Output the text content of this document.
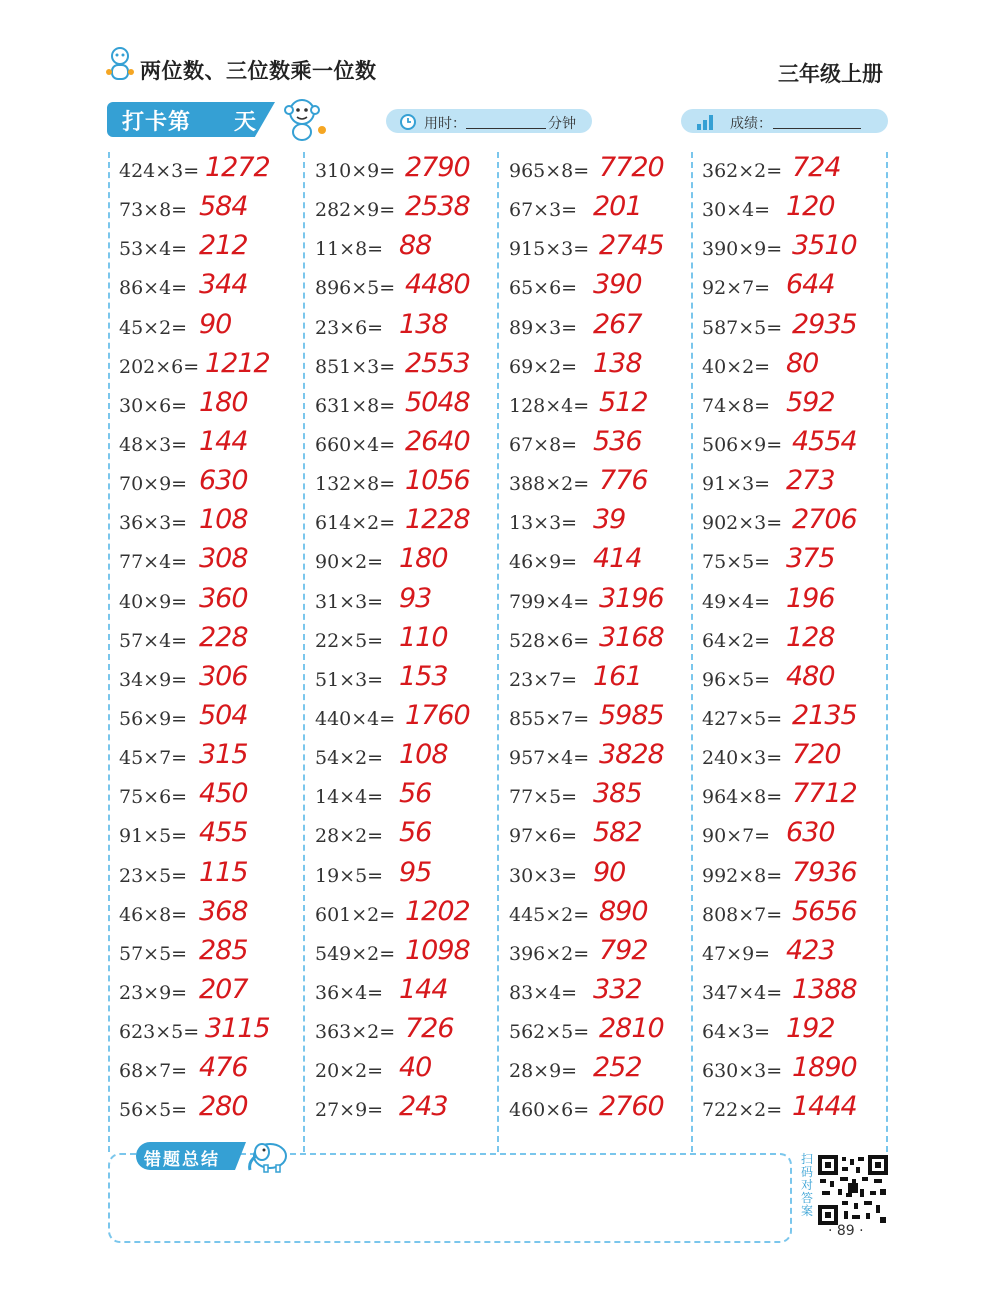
两位数、三位数乘一位数	三年级上册
打卡第 天	用时：	分钟	成绩：
424×3= 1272
73×8= 584
53×4= 212
86×4= 344
45×2= 90
202×6= 1212
30×6= 180
48×3= 144
70×9= 630
36×3= 108
77×4= 308
40×9= 360
57×4= 228
34×9= 306
56×9= 504
45×7= 315
75×6= 450
91×5= 455
23×5= 115
46×8= 368
57×5= 285
23×9= 207
623×5= 3115
68×7= 476
56×5= 280
310×9= 2790
282×9= 2538
11×8= 88
896×5= 4480
23×6= 138
851×3= 2553
631×8= 5048
660×4= 2640
132×8= 1056
614×2= 1228
90×2= 180
31×3= 93
22×5= 110
51×3= 153
440×4= 1760
54×2= 108
14×4= 56
28×2= 56
19×5= 95
601×2= 1202
549×2= 1098
36×4= 144
363×2= 726
20×2= 40
27×9= 243
965×8= 7720
67×3= 201
915×3= 2745
65×6= 390
89×3= 267
69×2= 138
128×4= 512
67×8= 536
388×2= 776
13×3= 39
46×9= 414
799×4= 3196
528×6= 3168
23×7= 161
855×7= 5985
957×4= 3828
77×5= 385
97×6= 582
30×3= 90
445×2= 890
396×2= 792
83×4= 332
562×5= 2810
28×9= 252
460×6= 2760
362×2= 724
30×4= 120
390×9= 3510
92×7= 644
587×5= 2935
40×2= 80
74×8= 592
506×9= 4554
91×3= 273
902×3= 2706
75×5= 375
49×4= 196
64×2= 128
96×5= 480
427×5= 2135
240×3= 720
964×8= 7712
90×7= 630
992×8= 7936
808×7= 5656
47×9= 423
347×4= 1388
64×3= 192
630×3= 1890
722×2= 1444
错题总结	扫码对答案
· 89 ·
